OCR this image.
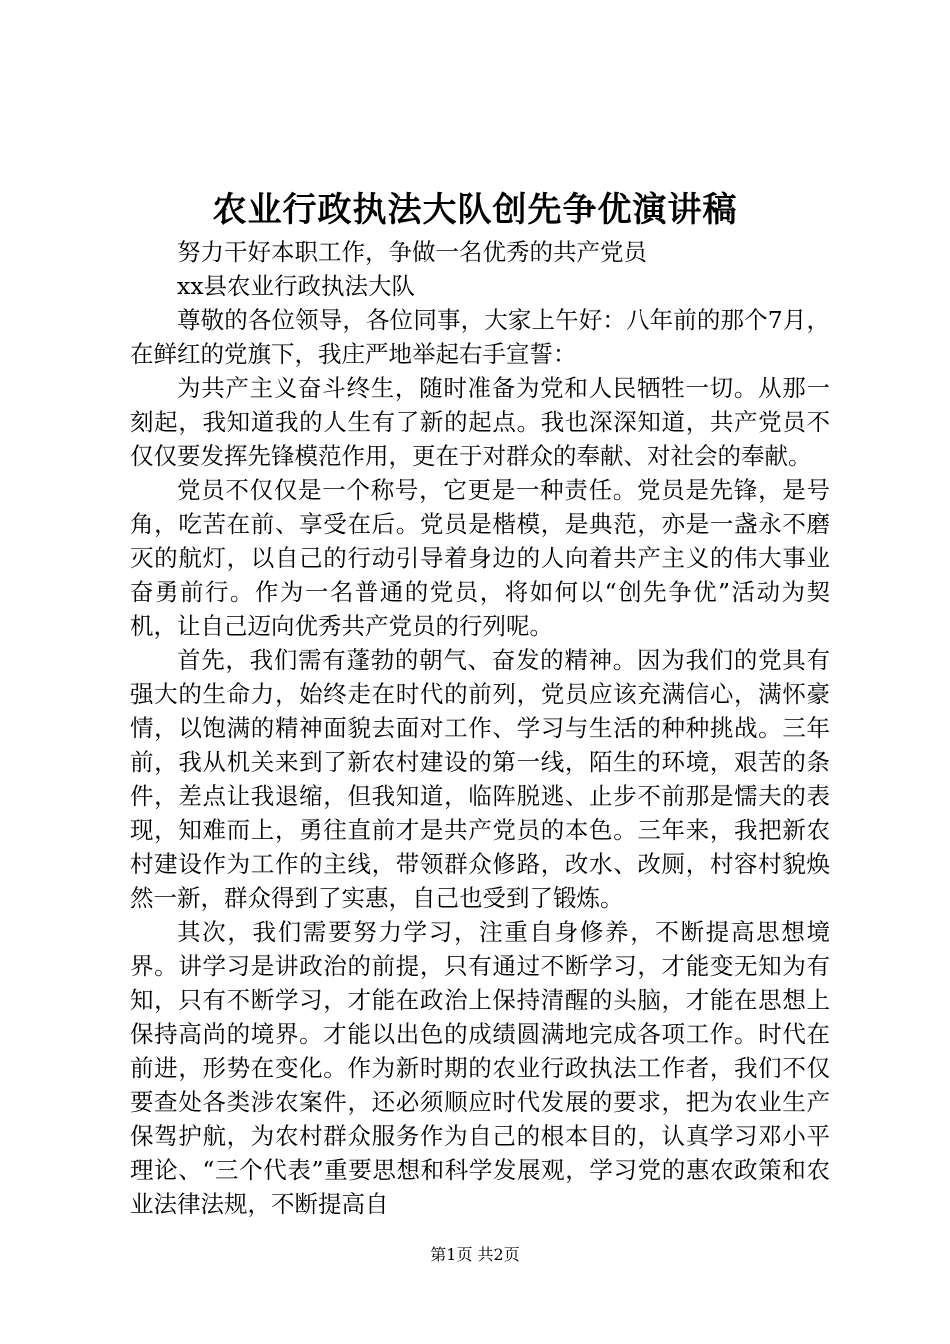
农业行政执法大队创先争优演讲稿

努力干好本职工作，争做一名优秀的共产党员

xx县农业行政执法大队

尊敬的各位领导，各位同事，大家上午好：八年前的那个7月，在鲜红的党旗下，我庄严地举起右手宣誓：

为共产主义奋斗终生，随时准备为党和人民牺牲一切。从那一刻起，我知道我的人生有了新的起点。我也深深知道，共产党员不仅仅要发挥先锋模范作用，更在于对群众的奉献、对社会的奉献。

党员不仅仅是一个称号，它更是一种责任。党员是先锋，是号角，吃苦在前、享受在后。党员是楷模，是典范，亦是一盏永不磨灭的航灯，以自己的行动引导着身边的人向着共产主义的伟大事业奋勇前行。作为一名普通的党员，将如何以“创先争优”活动为契机，让自己迈向优秀共产党员的行列呢。

首先，我们需有蓬勃的朝气、奋发的精神。因为我们的党具有强大的生命力，始终走在时代的前列，党员应该充满信心，满怀豪情，以饱满的精神面貌去面对工作、学习与生活的种种挑战。三年前，我从机关来到了新农村建设的第一线，陌生的环境，艰苦的条件，差点让我退缩，但我知道，临阵脱逃、止步不前那是懦夫的表现，知难而上，勇往直前才是共产党员的本色。三年来，我把新农村建设作为工作的主线，带领群众修路，改水、改厕，村容村貌焕然一新，群众得到了实惠，自己也受到了锻炼。

其次，我们需要努力学习，注重自身修养，不断提高思想境界。讲学习是讲政治的前提，只有通过不断学习，才能变无知为有知，只有不断学习，才能在政治上保持清醒的头脑，才能在思想上保持高尚的境界。才能以出色的成绩圆满地完成各项工作。时代在前进，形势在变化。作为新时期的农业行政执法工作者，我们不仅要查处各类涉农案件，还必须顺应时代发展的要求，把为农业生产保驾护航，为农村群众服务作为自己的根本目的，认真学习邓小平理论、“三个代表”重要思想和科学发展观，学习党的惠农政策和农业法律法规，不断提高自

第1页 共2页
